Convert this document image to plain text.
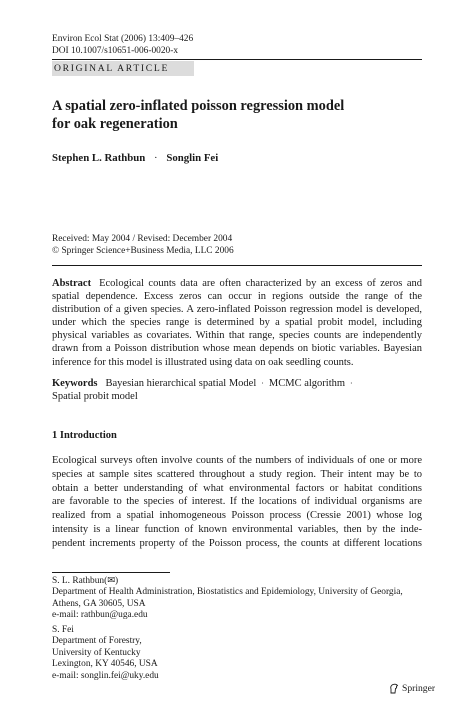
Environ Ecol Stat (2006) 13:409–426
DOI 10.1007/s10651-006-0020-x
ORIGINAL ARTICLE
A spatial zero-inflated poisson regression model
for oak regeneration
Stephen L. Rathbun · Songlin Fei
Received: May 2004 / Revised: December 2004
© Springer Science+Business Media, LLC 2006
Abstract Ecological counts data are often characterized by an excess of zeros and spatial dependence. Excess zeros can occur in regions outside the range of the distribution of a given species. A zero-inflated Poisson regression model is developed, under which the species range is determined by a spatial probit model, including physical variables as covariates. Within that range, species counts are independently drawn from a Poisson distribution whose mean depends on biotic variables. Bayesian inference for this model is illustrated using data on oak seedling counts.
Keywords Bayesian hierarchical spatial Model · MCMC algorithm ·
Spatial probit model
1 Introduction
Ecological surveys often involve counts of the numbers of individuals of one or more
species at sample sites scattered throughout a study region. Their intent may be to
obtain a better understanding of what environmental factors or habitat conditions
are favorable to the species of interest. If the locations of individual organisms are
realized from a spatial inhomogeneous Poisson process (Cressie 2001) whose log
intensity is a linear function of known environmental variables, then by the inde-
pendent increments property of the Poisson process, the counts at different locations
S. L. Rathbun(✉)
Department of Health Administration, Biostatistics and Epidemiology, University of Georgia,
Athens, GA 30605, USA
e-mail: rathbun@uga.edu
S. Fei
Department of Forestry,
University of Kentucky
Lexington, KY 40546, USA
e-mail: songlin.fei@uky.edu
Springer
